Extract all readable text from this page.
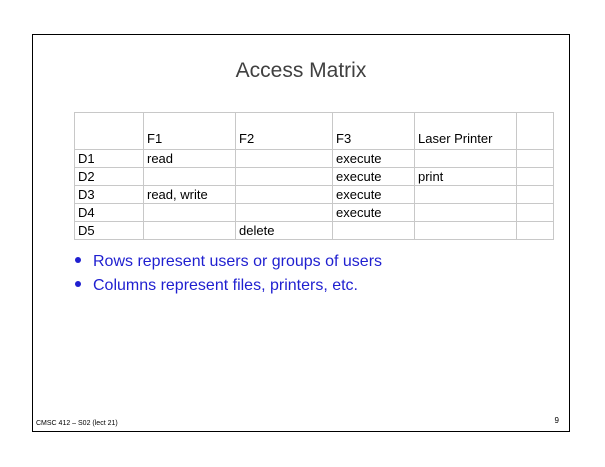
Access Matrix
	F1	F2	F3	Laser Printer	
D1	read		execute		
D2			execute	print	
D3	read, write		execute		
D4			execute		
D5		delete			
Rows represent users or groups of users
Columns represent files, printers, etc.
CMSC 412 – S02 (lect 21)	9
